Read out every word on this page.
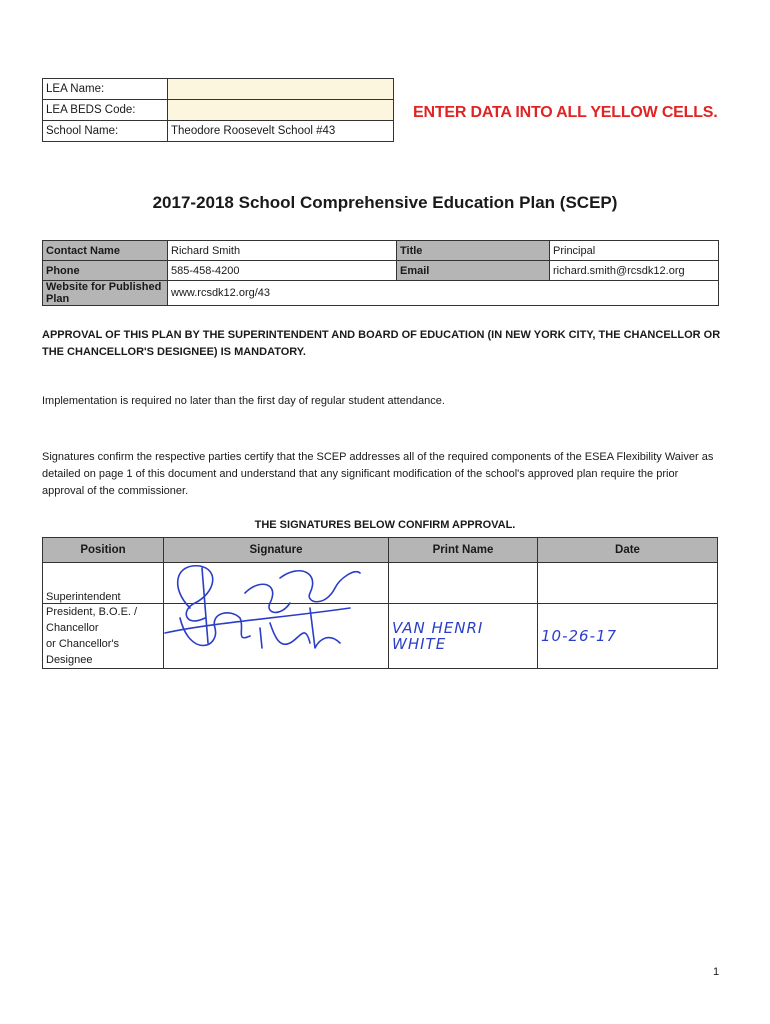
LEA Name:	
LEA BEDS Code:	
School Name:	Theodore Roosevelt School #43
ENTER DATA INTO ALL YELLOW CELLS.
2017-2018 School Comprehensive Education Plan (SCEP)
Contact Name	Richard Smith	Title	Principal
Phone	585-458-4200	Email	richard.smith@rcsdk12.org
Website for Published Plan	www.rcsdk12.org/43		
APPROVAL OF THIS PLAN BY THE SUPERINTENDENT AND BOARD OF EDUCATION (IN NEW YORK CITY, THE CHANCELLOR OR THE CHANCELLOR'S DESIGNEE) IS MANDATORY.
Implementation is required no later than the first day of regular student attendance.
Signatures confirm the respective parties certify that the SCEP addresses all of the required components of the ESEA Flexibility Waiver as detailed on page 1 of this document and understand that any significant modification of the school's approved plan require the prior approval of the commissioner.
THE SIGNATURES BELOW CONFIRM APPROVAL.
Position	Signature	Print Name	Date
Superintendent			

President, B.O.E. / Chancellor
or Chancellor's Designee		VAN HENRI WHITE	10-26-17
1
